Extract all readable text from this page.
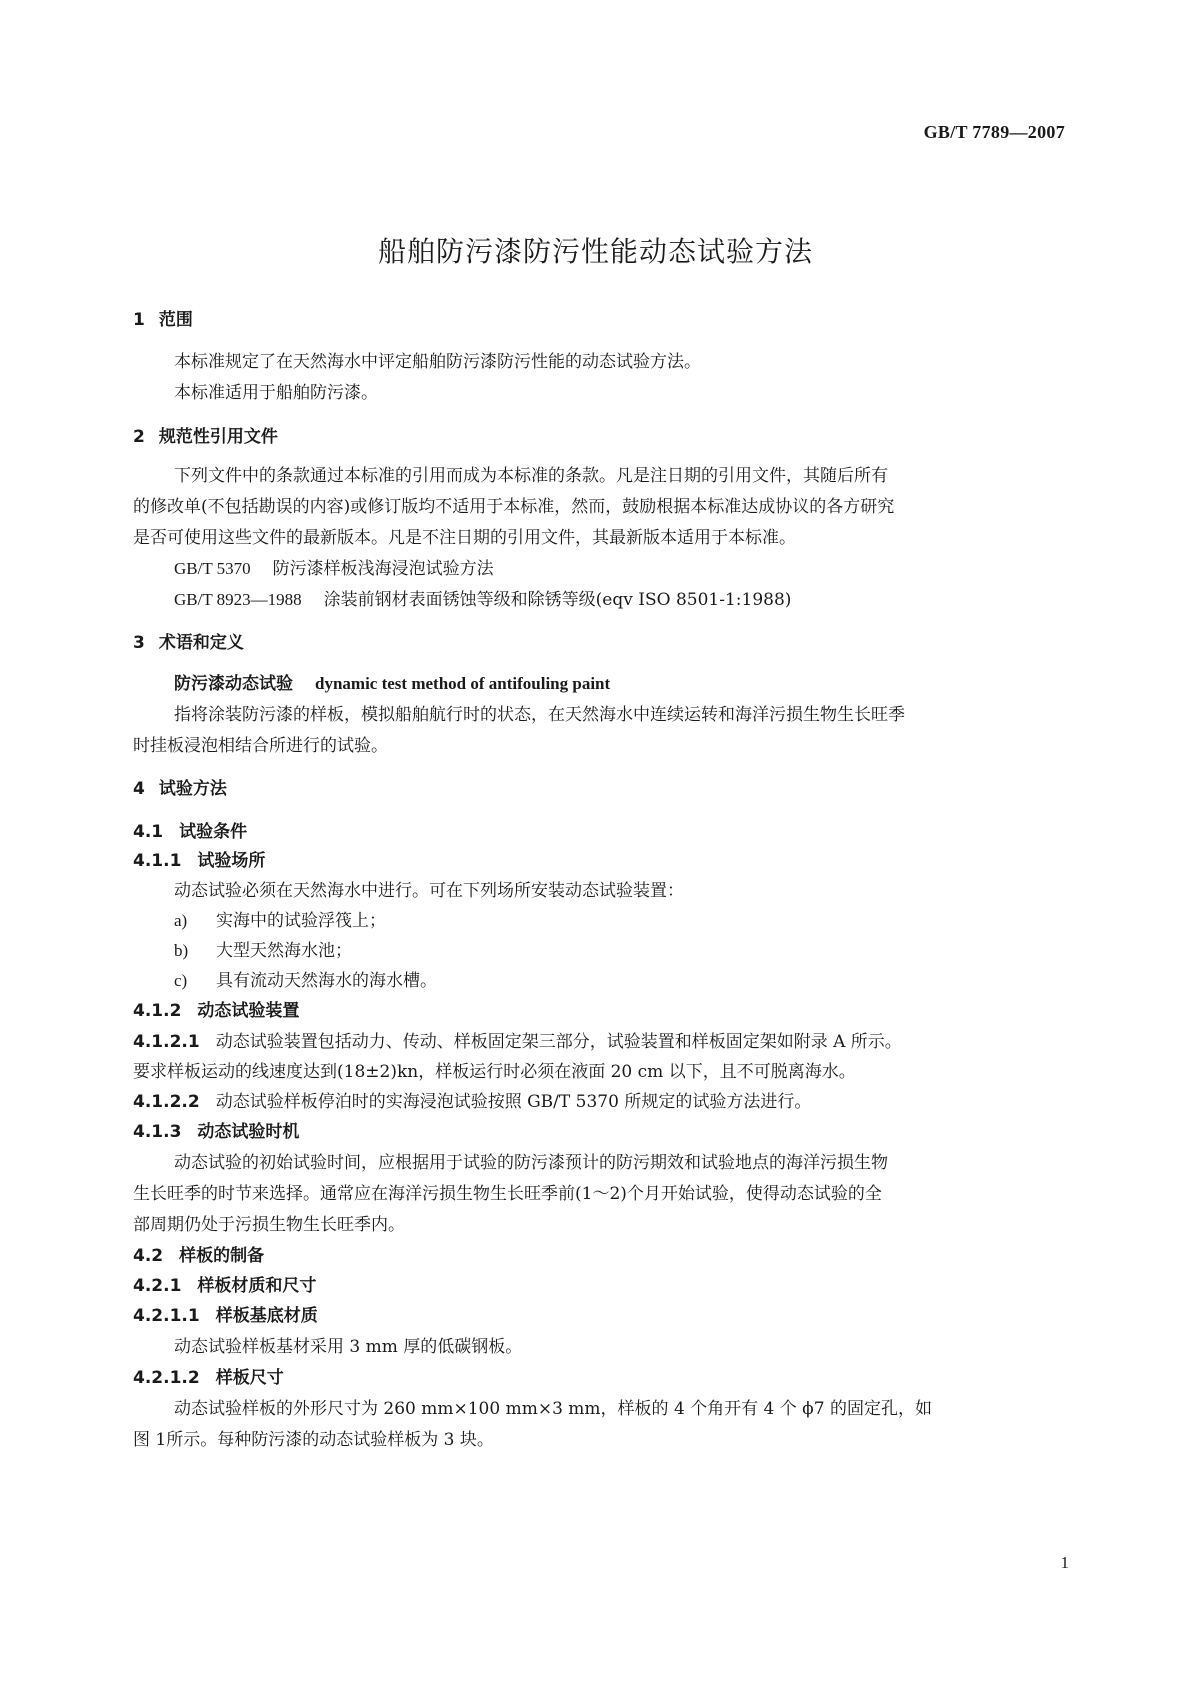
GB/T 7789—2007

船舶防污漆防污性能动态试验方法
1 范围

本标准规定了在天然海水中评定船舶防污漆防污性能的动态试验方法。

本标准适用于船舶防污漆。

2 规范性引用文件

下列文件中的条款通过本标准的引用而成为本标准的条款。凡是注日期的引用文件，其随后所有

的修改单(不包括勘误的内容)或修订版均不适用于本标准，然而，鼓励根据本标准达成协议的各方研究

是否可使用这些文件的最新版本。凡是不注日期的引用文件，其最新版本适用于本标准。

GB/T 5370 防污漆样板浅海浸泡试验方法
GB/T 8923—1988 涂装前钢材表面锈蚀等级和除锈等级(eqv ISO 8501-1:1988)
3 术语和定义
防污漆动态试验 dynamic test method of antifouling paint

指将涂装防污漆的样板，模拟船舶航行时的状态，在天然海水中连续运转和海洋污损生物生长旺季

时挂板浸泡相结合所进行的试验。

4 试验方法
4.1 试验条件
4.1.1 试验场所

动态试验必须在天然海水中进行。可在下列场所安装动态试验装置：

a) 实海中的试验浮筏上；
b) 大型天然海水池；
c) 具有流动天然海水的海水槽。
4.1.2 动态试验装置
4.1.2.1 动态试验装置包括动力、传动、样板固定架三部分，试验装置和样板固定架如附录 A 所示。

要求样板运动的线速度达到(18±2)kn，样板运行时必须在液面 20 cm 以下，且不可脱离海水。

4.1.2.2 动态试验样板停泊时的实海浸泡试验按照 GB/T 5370 所规定的试验方法进行。
4.1.3 动态试验时机

动态试验的初始试验时间，应根据用于试验的防污漆预计的防污期效和试验地点的海洋污损生物

生长旺季的时节来选择。通常应在海洋污损生物生长旺季前(1～2)个月开始试验，使得动态试验的全

部周期仍处于污损生物生长旺季内。

4.2 样板的制备
4.2.1 样板材质和尺寸
4.2.1.1 样板基底材质

动态试验样板基材采用 3 mm 厚的低碳钢板。

4.2.1.2 样板尺寸

动态试验样板的外形尺寸为 260 mm×100 mm×3 mm，样板的 4 个角开有 4 个 ϕ7 的固定孔，如

图 1所示。每种防污漆的动态试验样板为 3 块。

1
